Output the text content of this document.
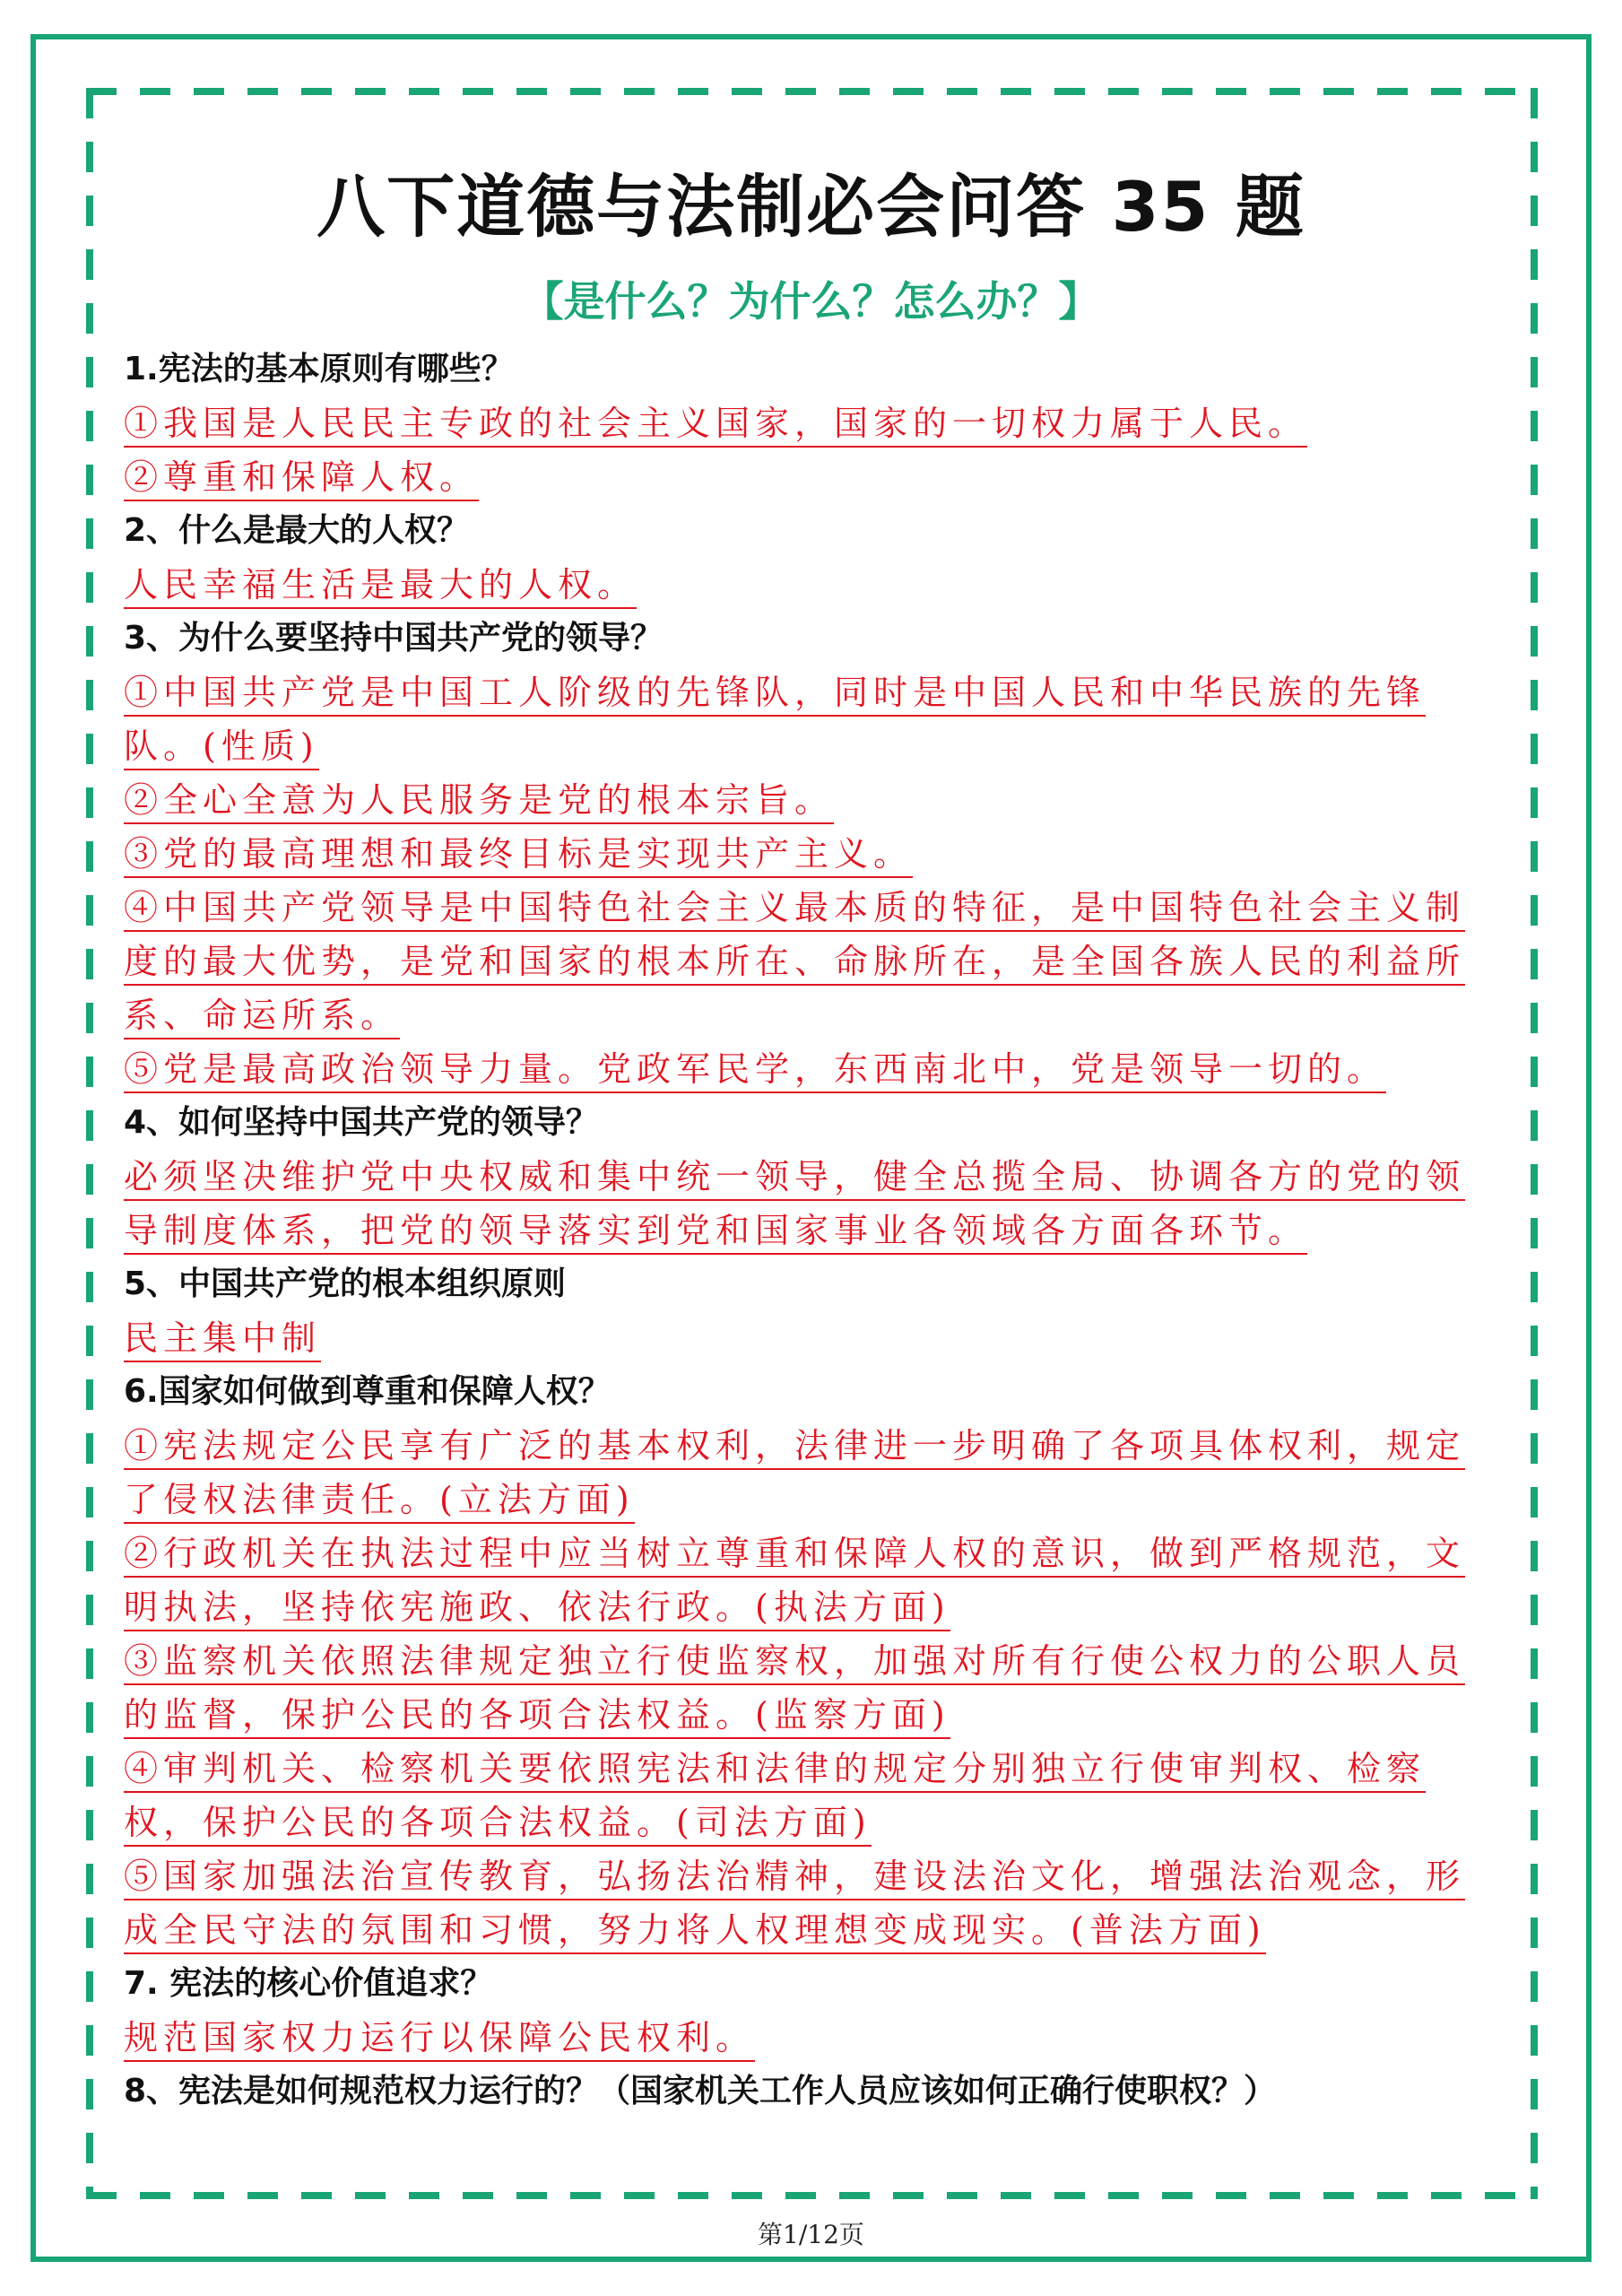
八下道德与法制必会问答 35 题
【是什么？为什么？怎么办？】
1.宪法的基本原则有哪些？
①我国是人民民主专政的社会主义国家，国家的一切权力属于人民。
②尊重和保障人权。
2、什么是最大的人权？
人民幸福生活是最大的人权。
3、为什么要坚持中国共产党的领导？
①中国共产党是中国工人阶级的先锋队，同时是中国人民和中华民族的先锋队。(性质)
②全心全意为人民服务是党的根本宗旨。
③党的最高理想和最终目标是实现共产主义。
④中国共产党领导是中国特色社会主义最本质的特征，是中国特色社会主义制度的最大优势，是党和国家的根本所在、命脉所在，是全国各族人民的利益所系、命运所系。
⑤党是最高政治领导力量。党政军民学，东西南北中，党是领导一切的。
4、如何坚持中国共产党的领导？
必须坚决维护党中央权威和集中统一领导，健全总揽全局、协调各方的党的领导制度体系，把党的领导落实到党和国家事业各领域各方面各环节。
5、中国共产党的根本组织原则
民主集中制
6.国家如何做到尊重和保障人权？
①宪法规定公民享有广泛的基本权利，法律进一步明确了各项具体权利，规定了侵权法律责任。(立法方面)
②行政机关在执法过程中应当树立尊重和保障人权的意识，做到严格规范，文明执法，坚持依宪施政、依法行政。(执法方面)
③监察机关依照法律规定独立行使监察权，加强对所有行使公权力的公职人员的监督，保护公民的各项合法权益。(监察方面)
④审判机关、检察机关要依照宪法和法律的规定分别独立行使审判权、检察权，保护公民的各项合法权益。(司法方面)
⑤国家加强法治宣传教育，弘扬法治精神，建设法治文化，增强法治观念，形成全民守法的氛围和习惯，努力将人权理想变成现实。(普法方面)
7. 宪法的核心价值追求？
规范国家权力运行以保障公民权利。
8、宪法是如何规范权力运行的？（国家机关工作人员应该如何正确行使职权？）
第1/12页
